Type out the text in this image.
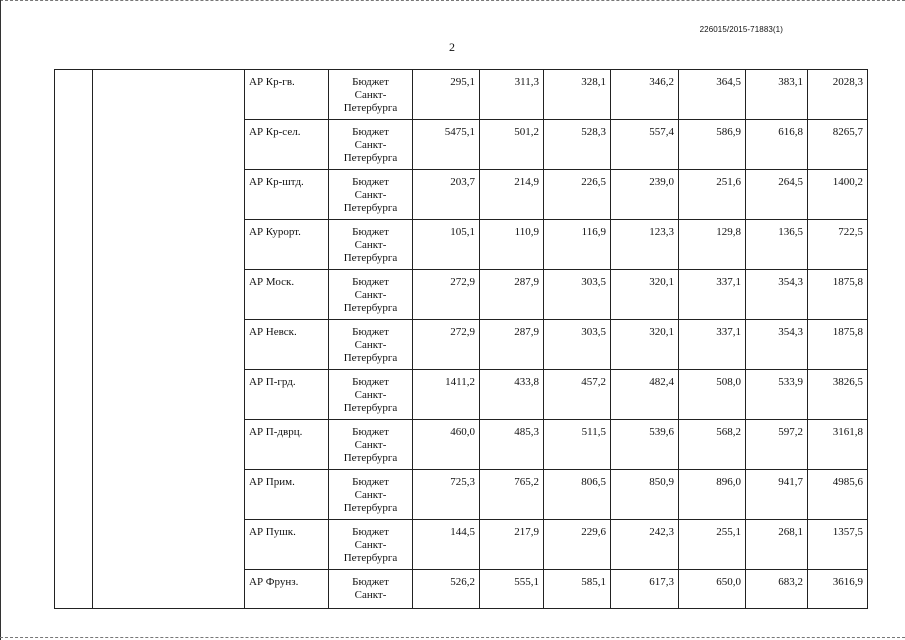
226015/2015-71883(1)
2
		АР Кр-гв.	Бюджет
Санкт-
Петербурга	295,1	311,3	328,1	346,2	364,5	383,1	2028,3
		АР Кр-сел.	Бюджет
Санкт-
Петербурга	5475,1	501,2	528,3	557,4	586,9	616,8	8265,7
		АР Кр-штд.	Бюджет
Санкт-
Петербурга	203,7	214,9	226,5	239,0	251,6	264,5	1400,2
		АР Курорт.	Бюджет
Санкт-
Петербурга	105,1	110,9	116,9	123,3	129,8	136,5	722,5
		АР Моск.	Бюджет
Санкт-
Петербурга	272,9	287,9	303,5	320,1	337,1	354,3	1875,8
		АР Невск.	Бюджет
Санкт-
Петербурга	272,9	287,9	303,5	320,1	337,1	354,3	1875,8
		АР П-грд.	Бюджет
Санкт-
Петербурга	1411,2	433,8	457,2	482,4	508,0	533,9	3826,5
		АР П-дврц.	Бюджет
Санкт-
Петербурга	460,0	485,3	511,5	539,6	568,2	597,2	3161,8
		АР Прим.	Бюджет
Санкт-
Петербурга	725,3	765,2	806,5	850,9	896,0	941,7	4985,6
		АР Пушк.	Бюджет
Санкт-
Петербурга	144,5	217,9	229,6	242,3	255,1	268,1	1357,5
		АР Фрунз.	Бюджет
Санкт-	526,2	555,1	585,1	617,3	650,0	683,2	3616,9
